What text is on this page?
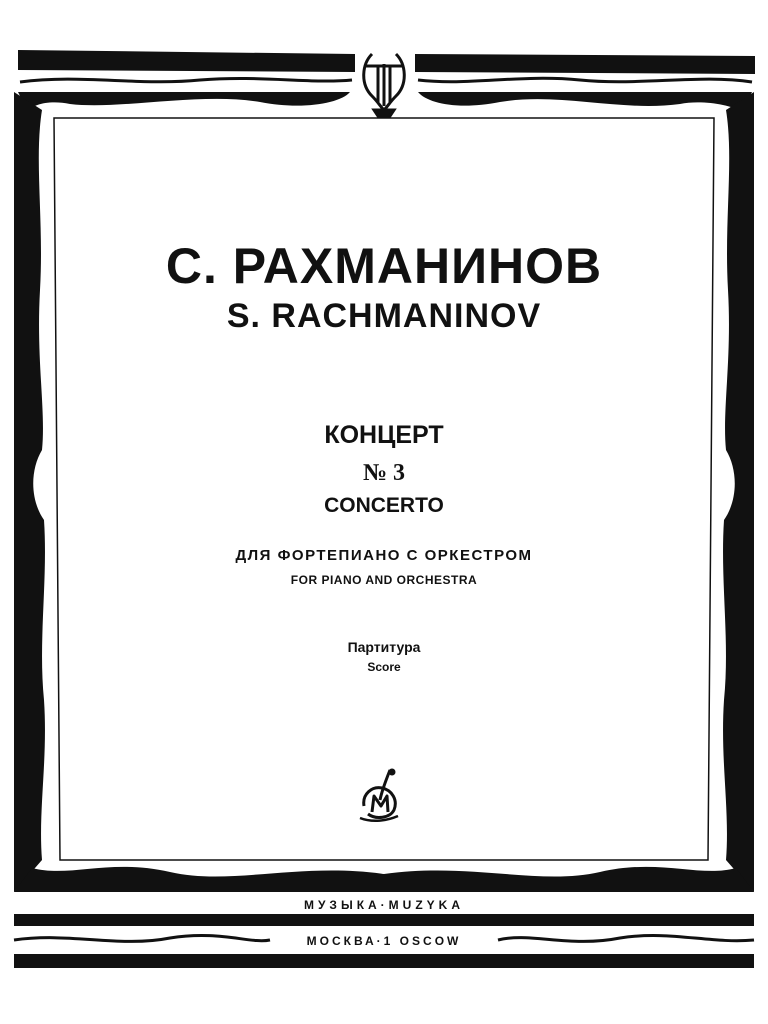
С. РАХМАНИНОВ

S. RACHMANINOV

КОНЦЕРТ

№ 3

CONCERTO

ДЛЯ ФОРТЕПИАНО С ОРКЕСТРОМ

FOR PIANO AND ORCHESTRA

Партитура

Score

МУЗЫКА·MUZYKA

МОСКВА·1 OSCOW
